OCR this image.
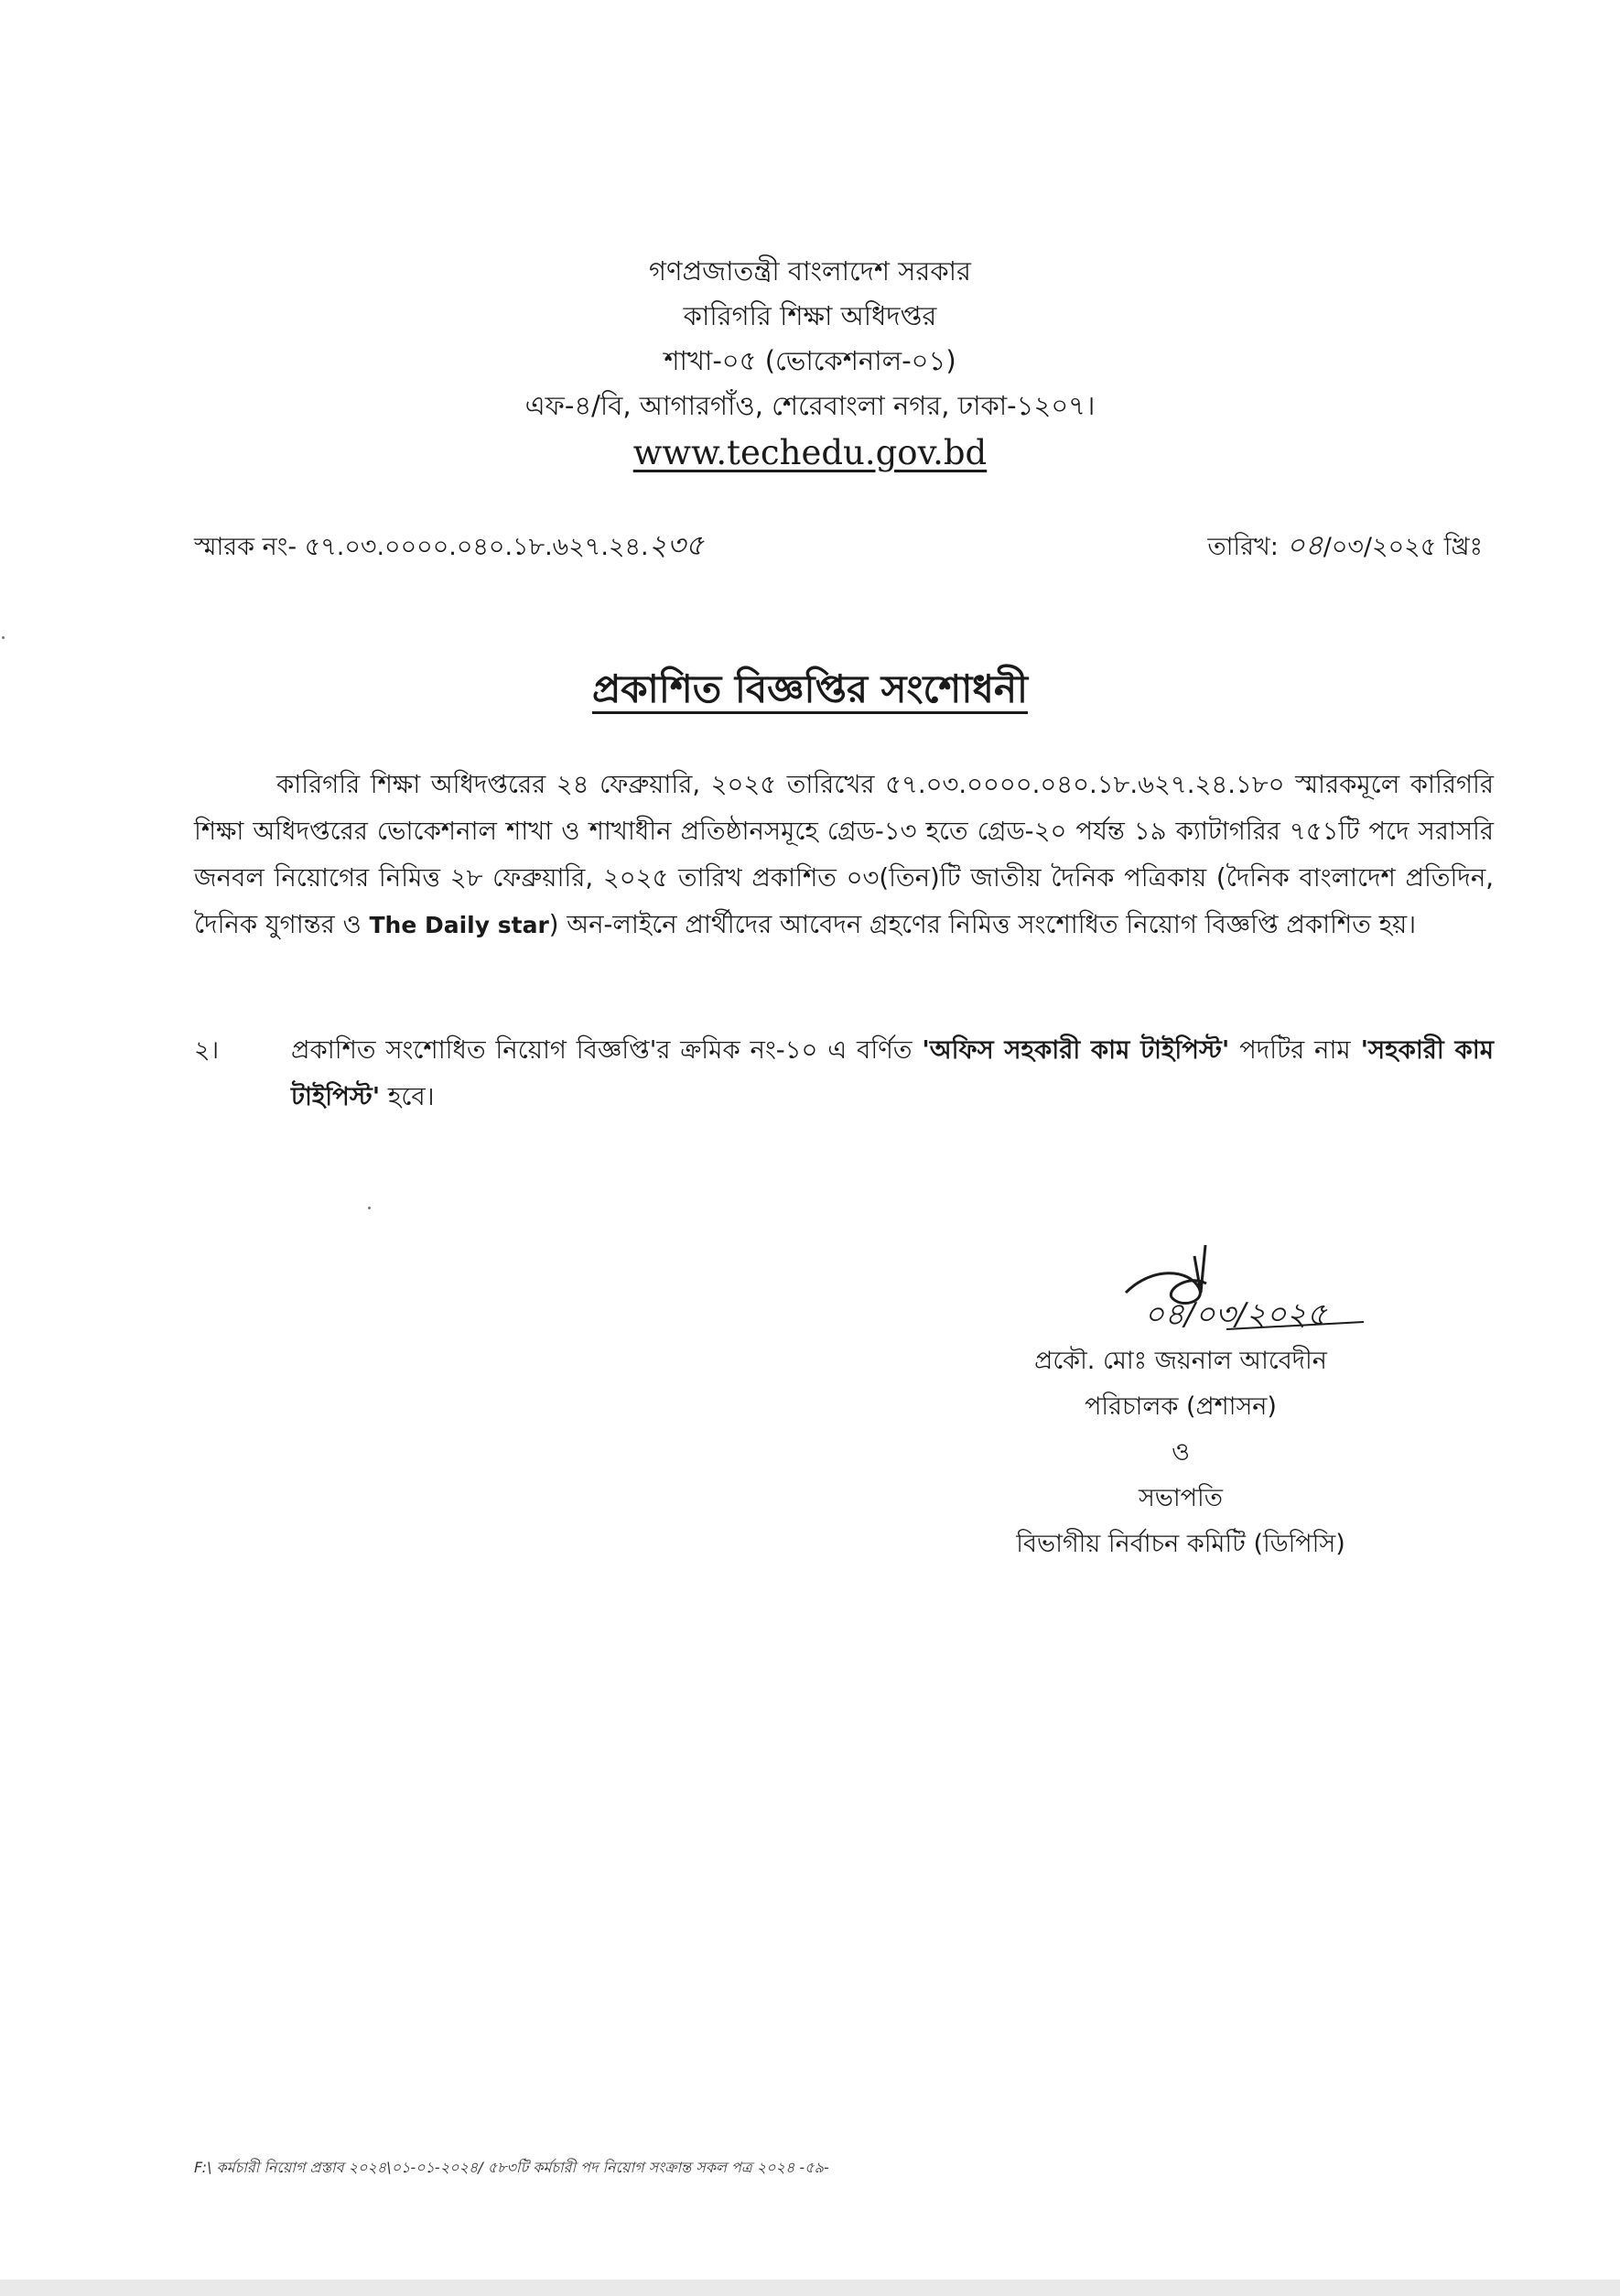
গণপ্রজাতন্ত্রী বাংলাদেশ সরকার
কারিগরি শিক্ষা অধিদপ্তর
শাখা-০৫ (ভোকেশনাল-০১)
এফ-৪/বি, আগারগাঁও, শেরেবাংলা নগর, ঢাকা-১২০৭।
www.techedu.gov.bd
স্মারক নং- ৫৭.০৩.০০০০.০৪০.১৮.৬২৭.২৪.২৩৫	তারিখ: ০৪/০৩/২০২৫ খ্রিঃ
প্রকাশিত বিজ্ঞপ্তির সংশোধনী
কারিগরি শিক্ষা অধিদপ্তরের ২৪ ফেব্রুয়ারি, ২০২৫ তারিখের ৫৭.০৩.০০০০.০৪০.১৮.৬২৭.২৪.১৮০ স্মারকমূলে কারিগরি শিক্ষা অধিদপ্তরের ভোকেশনাল শাখা ও শাখাধীন প্রতিষ্ঠানসমূহে গ্রেড-১৩ হতে গ্রেড-২০ পর্যন্ত ১৯ ক্যাটাগরির ৭৫১টি পদে সরাসরি জনবল নিয়োগের নিমিত্ত ২৮ ফেব্রুয়ারি, ২০২৫ তারিখ প্রকাশিত ০৩(তিন)টি জাতীয় দৈনিক পত্রিকায় (দৈনিক বাংলাদেশ প্রতিদিন, দৈনিক যুগান্তর ও The Daily star) অন-লাইনে প্রার্থীদের আবেদন গ্রহণের নিমিত্ত সংশোধিত নিয়োগ বিজ্ঞপ্তি প্রকাশিত হয়।
২।	প্রকাশিত সংশোধিত নিয়োগ বিজ্ঞপ্তি'র ক্রমিক নং-১০ এ বর্ণিত 'অফিস সহকারী কাম টাইপিস্ট' পদটির নাম 'সহকারী কাম টাইপিস্ট' হবে।
০৪/০৩/২০২৫
প্রকৌ. মোঃ জয়নাল আবেদীন
পরিচালক (প্রশাসন)
ও
সভাপতি
বিভাগীয় নির্বাচন কমিটি (ডিপিসি)
F:\ কর্মচারী নিয়োগ প্রস্তাব ২০২৪\০১-০১-২০২৪/ ৫৮৩টি কর্মচারী পদ নিয়োগ সংক্রান্ত সকল পত্র ২০২৪ -৫৯-
